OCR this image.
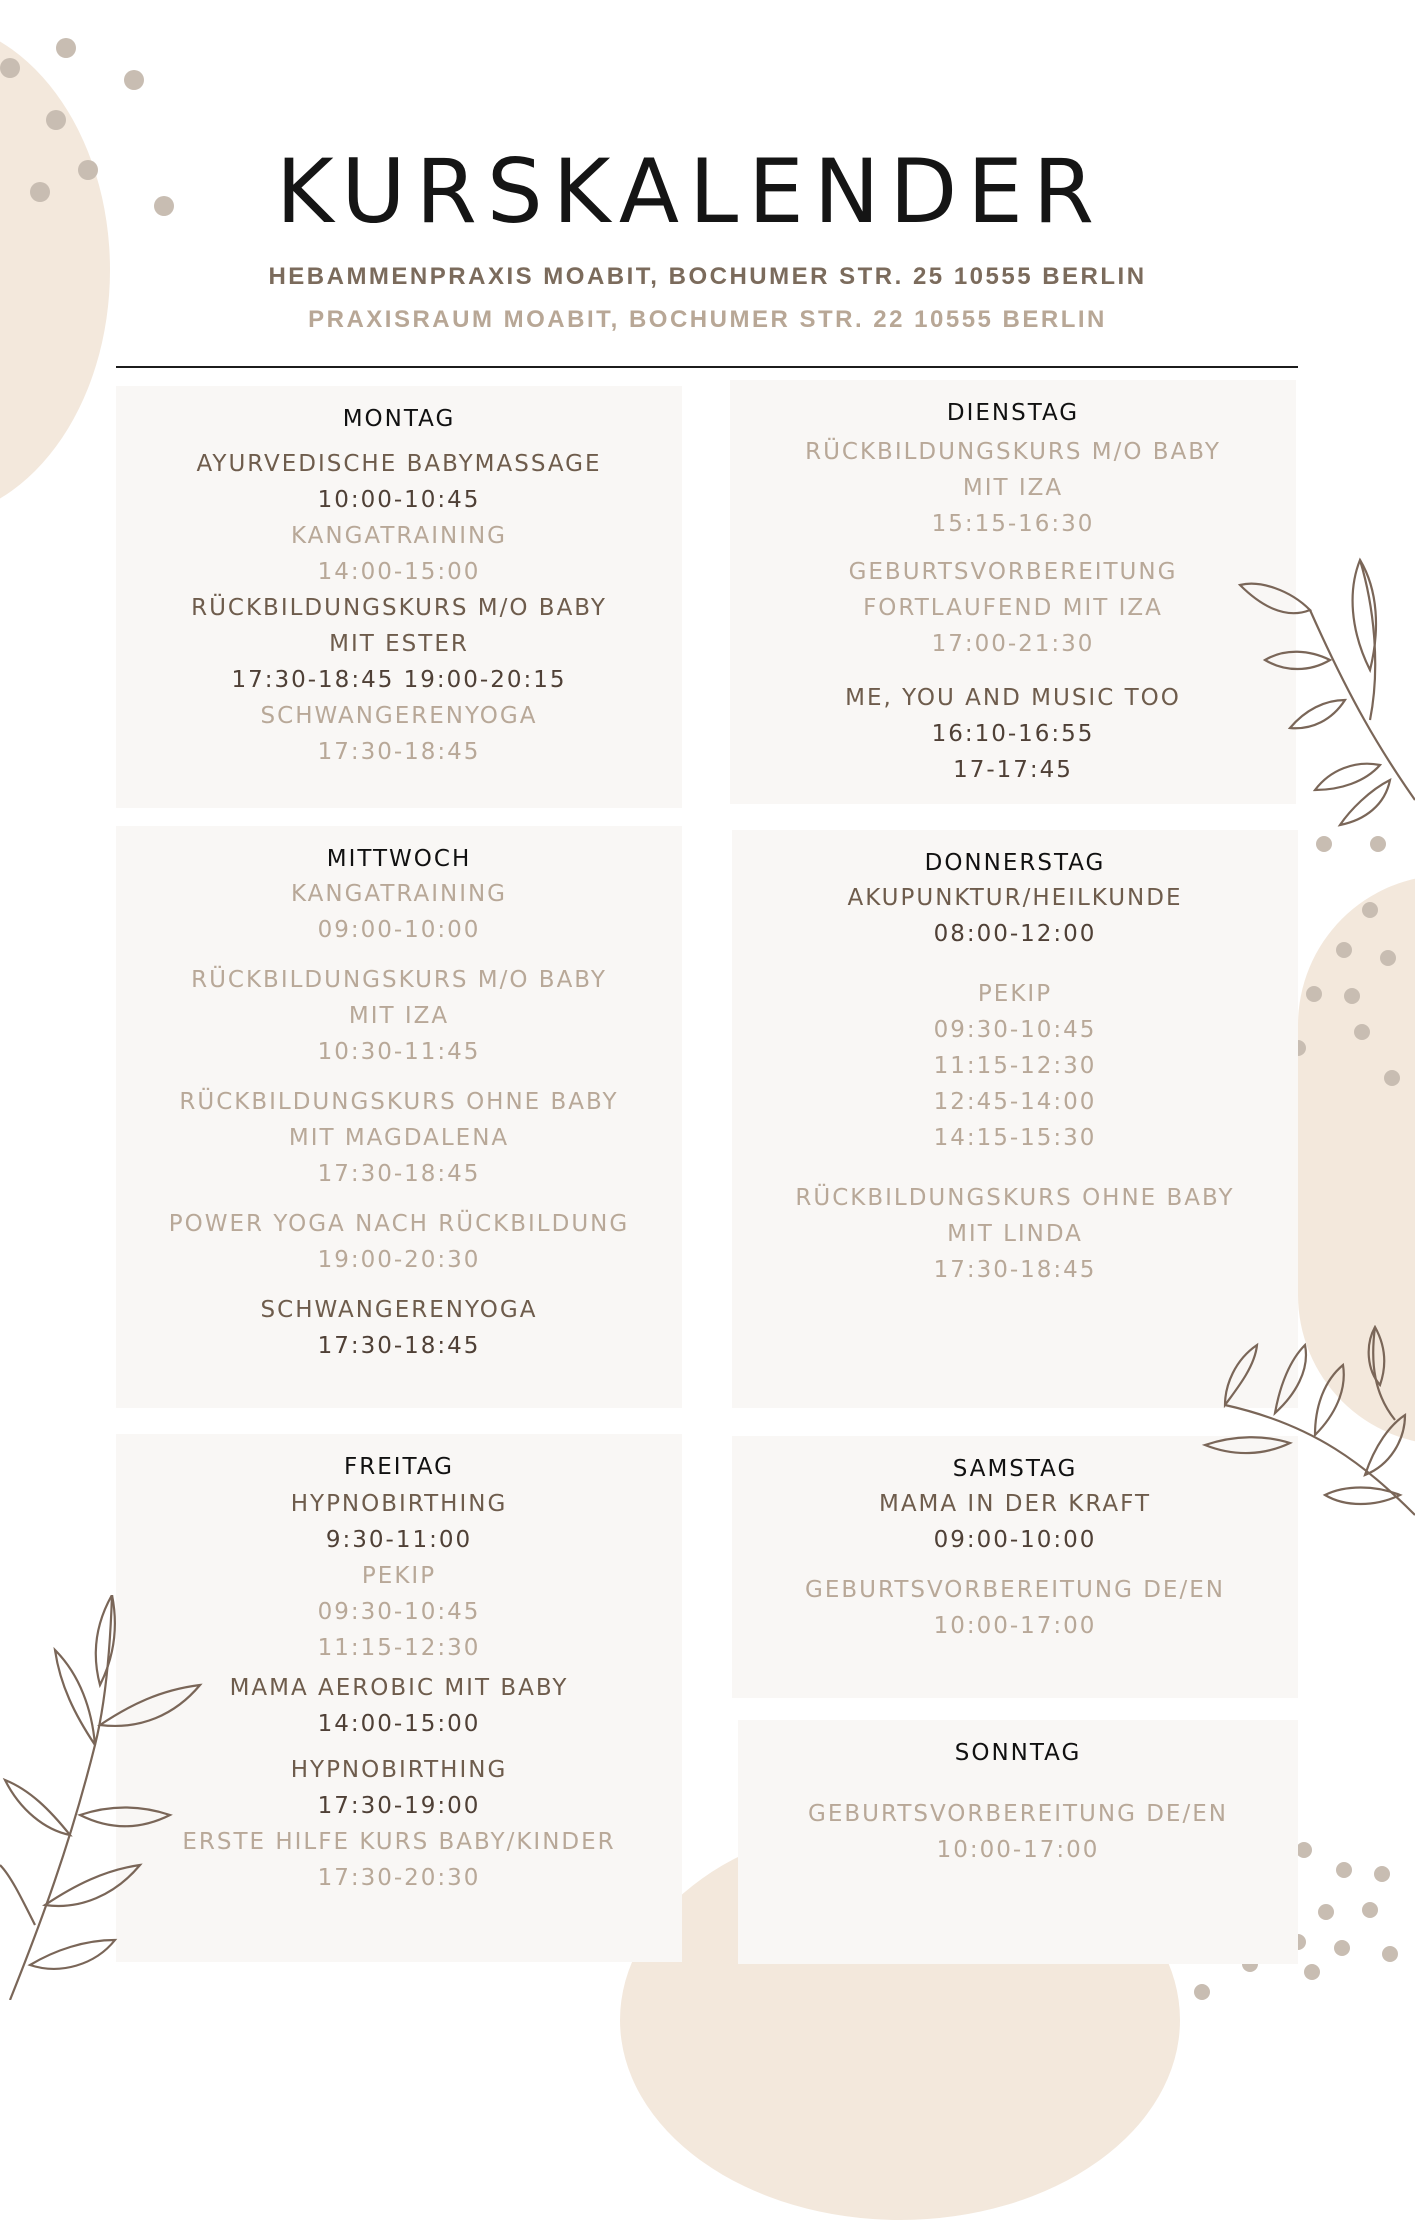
KURSKALENDER
HEBAMMENPRAXIS MOABIT, BOCHUMER STR. 25 10555 BERLIN
PRAXISRAUM MOABIT, BOCHUMER STR. 22 10555 BERLIN
MONTAG
AYURVEDISCHE BABYMASSAGE
10:00-10:45
KANGATRAINING
14:00-15:00
RÜCKBILDUNGSKURS M/O BABY
MIT ESTER
17:30-18:45 19:00-20:15
SCHWANGERENYOGA
17:30-18:45
DIENSTAG
RÜCKBILDUNGSKURS M/O BABY
MIT IZA
15:15-16:30
GEBURTSVORBEREITUNG
FORTLAUFEND MIT IZA
17:00-21:30
ME, YOU AND MUSIC TOO
16:10-16:55
17-17:45
MITTWOCH
KANGATRAINING
09:00-10:00
RÜCKBILDUNGSKURS M/O BABY
MIT IZA
10:30-11:45
RÜCKBILDUNGSKURS OHNE BABY
MIT MAGDALENA
17:30-18:45
POWER YOGA NACH RÜCKBILDUNG
19:00-20:30
SCHWANGERENYOGA
17:30-18:45
DONNERSTAG
AKUPUNKTUR/HEILKUNDE
08:00-12:00
PEKIP
09:30-10:45
11:15-12:30
12:45-14:00
14:15-15:30
RÜCKBILDUNGSKURS OHNE BABY
MIT LINDA
17:30-18:45
FREITAG
HYPNOBIRTHING
9:30-11:00
PEKIP
09:30-10:45
11:15-12:30
MAMA AEROBIC MIT BABY
14:00-15:00
HYPNOBIRTHING
17:30-19:00
ERSTE HILFE KURS BABY/KINDER
17:30-20:30
SAMSTAG
MAMA IN DER KRAFT
09:00-10:00
GEBURTSVORBEREITUNG DE/EN
10:00-17:00
SONNTAG
GEBURTSVORBEREITUNG DE/EN
10:00-17:00
